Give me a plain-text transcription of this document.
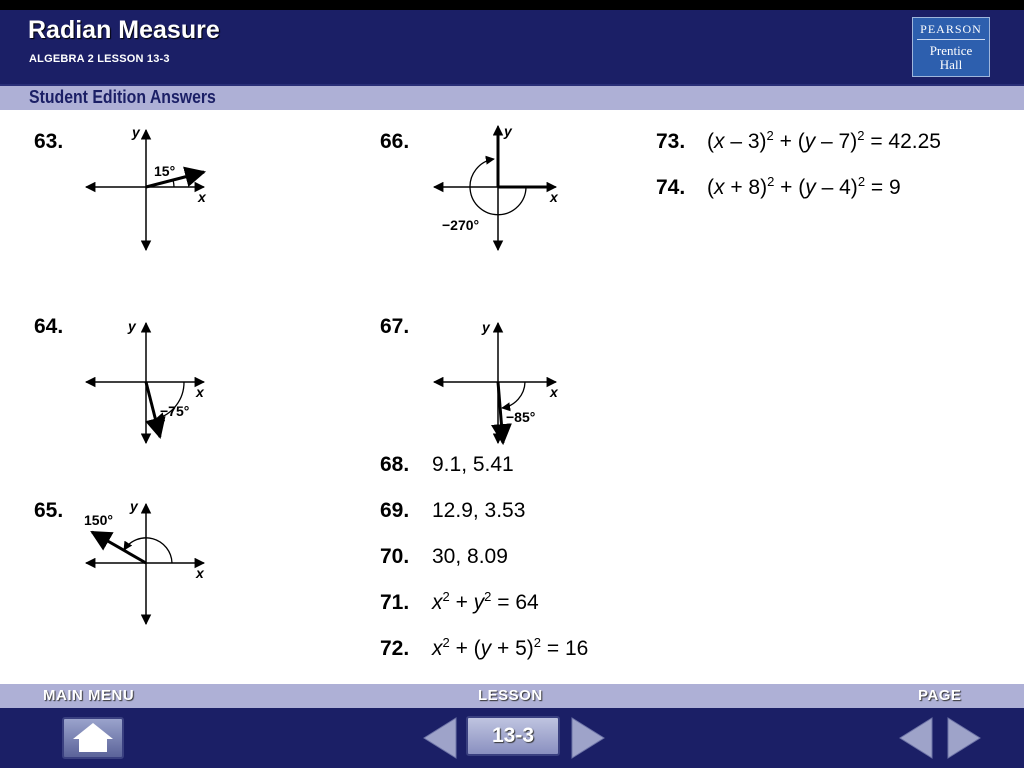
Radian Measure
ALGEBRA 2 LESSON 13-3
PEARSON
Prentice
Hall
Student Edition Answers
63.
64.
65.
66.
67.
y
x
15°
y
x
−75°
y
x
150°
y
x
−270°
y
x
−85°
68. 9.1, 5.41
69. 12.9, 3.53
70. 30, 8.09
71. $x^2 + y^2 = 64$
72. $x^2 + (y + 5)^2 = 16$
73. (x – 3)$^2$ + (y – 7)$^2$ = 42.25
74. $(x + 8)^2 + (y - 4)^2 = 9$
MAIN MENU	LESSON	PAGE
13-3
